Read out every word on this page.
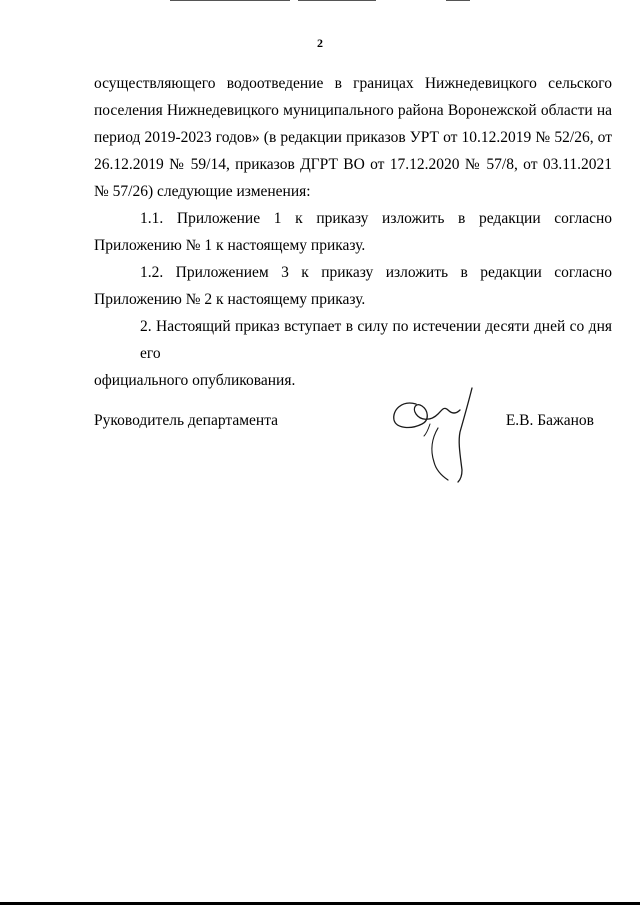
2
осуществляющего водоотведение в границах Нижнедевицкого сельского
поселения Нижнедевицкого муниципального района Воронежской области на
период 2019-2023 годов» (в редакции приказов УРТ от 10.12.2019 № 52/26, от
26.12.2019 № 59/14, приказов ДГРТ ВО от 17.12.2020 № 57/8, от 03.11.2021
№ 57/26) следующие изменения:
1.1. Приложение 1 к приказу изложить в редакции согласно
Приложению № 1 к настоящему приказу.
1.2. Приложением 3 к приказу изложить в редакции согласно
Приложению № 2 к настоящему приказу.
2. Настоящий приказ вступает в силу по истечении десяти дней со дня его
официального опубликования.
Руководитель департамента	Е.В. Бажанов
